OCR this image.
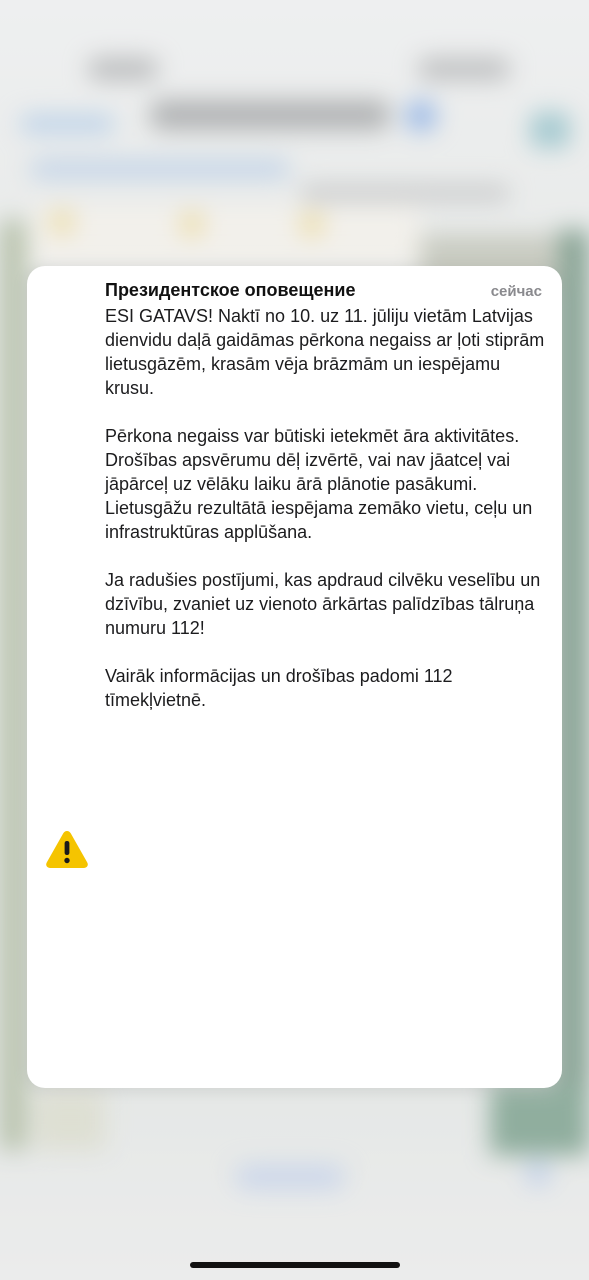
Президентское оповещение	сейчас

ESI GATAVS! Naktī no 10. uz 11. jūliju vietām Latvijas dienvidu daļā gaidāmas pērkona negaiss ar ļoti stiprām lietusgāzēm, krasām vēja brāzmām un iespējamu krusu.

Pērkona negaiss var būtiski ietekmēt āra aktivitātes. Drošības apsvērumu dēļ izvērtē, vai nav jāatceļ vai jāpārceļ uz vēlāku laiku ārā plānotie pasākumi. Lietusgāžu rezultātā iespējama zemāko vietu, ceļu un infrastruktūras applūšana.

Ja radušies postījumi, kas apdraud cilvēku veselību un dzīvību, zvaniet uz vienoto ārkārtas palīdzības tālruņa numuru 112!

Vairāk informācijas un drošības padomi 112 tīmekļvietnē.
